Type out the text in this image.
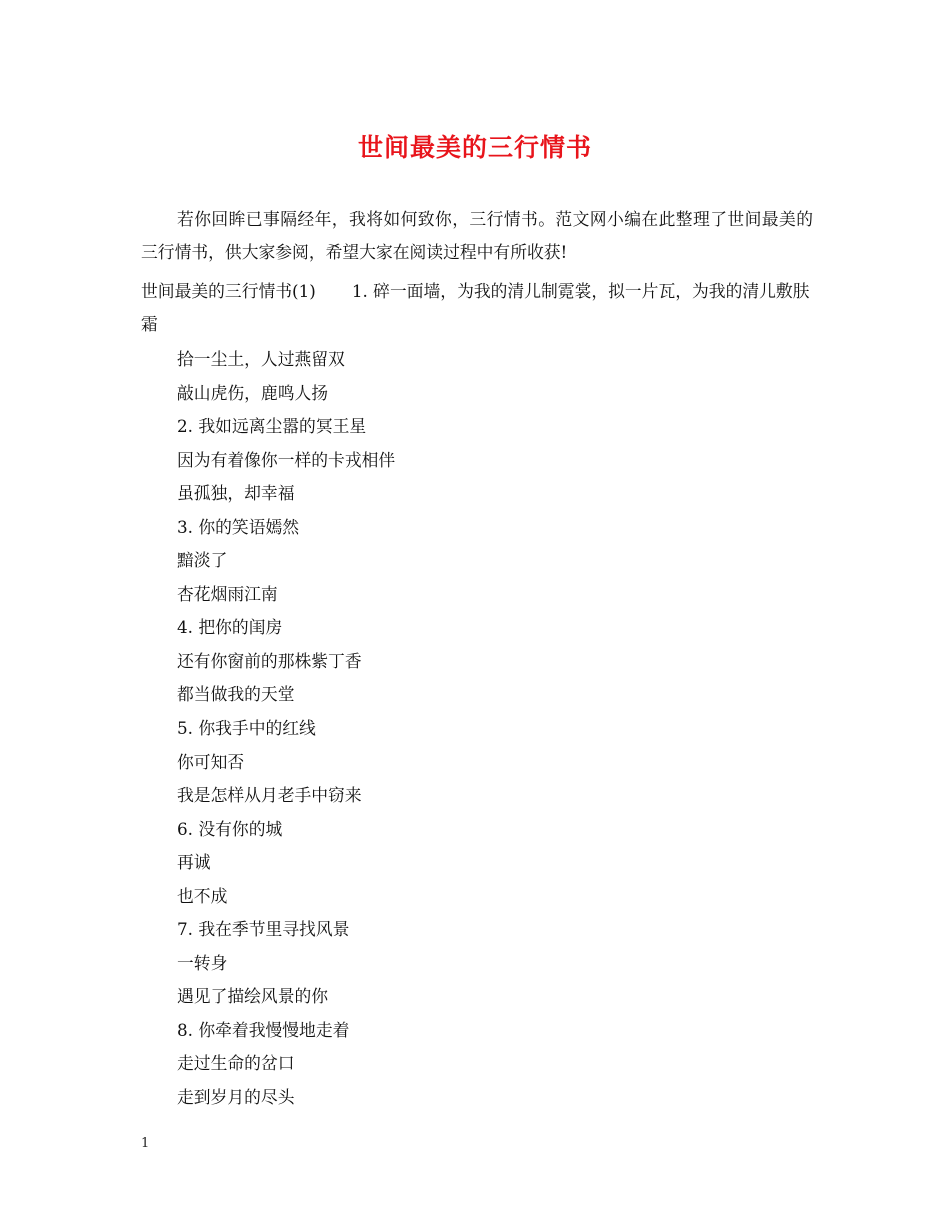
世间最美的三行情书

若你回眸已事隔经年，我将如何致你，三行情书。范文网小编在此整理了世间最美的三行情书，供大家参阅，希望大家在阅读过程中有所收获!

世间最美的三行情书(1) 1. 碎一面墙，为我的清儿制霓裳，拟一片瓦，为我的清儿敷肤霜
拾一尘土，人过燕留双
敲山虎伤，鹿鸣人扬
2. 我如远离尘嚣的冥王星
因为有着像你一样的卡戎相伴
虽孤独，却幸福
3. 你的笑语嫣然
黯淡了
杏花烟雨江南
4. 把你的闺房
还有你窗前的那株紫丁香
都当做我的天堂
5. 你我手中的红线
你可知否
我是怎样从月老手中窃来
6. 没有你的城
再诚
也不成
7. 我在季节里寻找风景
一转身
遇见了描绘风景的你
8. 你牵着我慢慢地走着
走过生命的岔口
走到岁月的尽头
1
